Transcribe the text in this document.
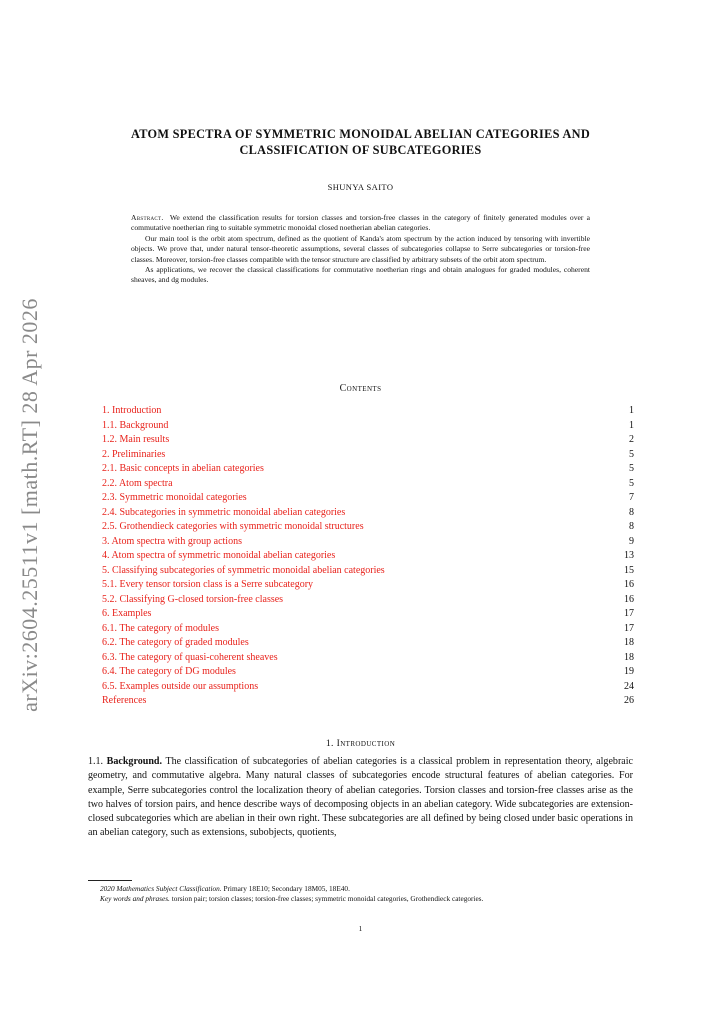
arXiv:2604.25511v1 [math.RT] 28 Apr 2026
ATOM SPECTRA OF SYMMETRIC MONOIDAL ABELIAN CATEGORIES AND
CLASSIFICATION OF SUBCATEGORIES
SHUNYA SAITO

Abstract. We extend the classification results for torsion classes and torsion-free classes in the category of finitely generated modules over a commutative noetherian ring to suitable symmetric monoidal closed noetherian abelian categories.

Our main tool is the orbit atom spectrum, defined as the quotient of Kanda's atom spectrum by the action induced by tensoring with invertible objects. We prove that, under natural tensor-theoretic assumptions, several classes of subcategories collapse to Serre subcategories or torsion-free classes. Moreover, torsion-free classes compatible with the tensor structure are classified by arbitrary subsets of the orbit atom spectrum.

As applications, we recover the classical classifications for commutative noetherian rings and obtain analogues for graded modules, coherent sheaves, and dg modules.

Contents
1. Introduction	1
1.1. Background	1
1.2. Main results	2
2. Preliminaries	5
2.1. Basic concepts in abelian categories	5
2.2. Atom spectra	5
2.3. Symmetric monoidal categories	7
2.4. Subcategories in symmetric monoidal abelian categories	8
2.5. Grothendieck categories with symmetric monoidal structures	8
3. Atom spectra with group actions	9
4. Atom spectra of symmetric monoidal abelian categories	13
5. Classifying subcategories of symmetric monoidal abelian categories	15
5.1. Every tensor torsion class is a Serre subcategory	16
5.2. Classifying G-closed torsion-free classes	16
6. Examples	17
6.1. The category of modules	17
6.2. The category of graded modules	18
6.3. The category of quasi-coherent sheaves	18
6.4. The category of DG modules	19
6.5. Examples outside our assumptions	24
References	26
1. Introduction

1.1. Background. The classification of subcategories of abelian categories is a classical problem in representation theory, algebraic geometry, and commutative algebra. Many natural classes of subcategories encode structural features of abelian categories. For example, Serre subcategories control the localization theory of abelian categories. Torsion classes and torsion-free classes arise as the two halves of torsion pairs, and hence describe ways of decomposing objects in an abelian category. Wide subcategories are extension-closed subcategories which are abelian in their own right. These subcategories are all defined by being closed under basic operations in an abelian category, such as extensions, subobjects, quotients,

2020 Mathematics Subject Classification. Primary 18E10; Secondary 18M05, 18E40.

Key words and phrases. torsion pair; torsion classes; torsion-free classes; symmetric monoidal categories, Grothendieck categories.

1
